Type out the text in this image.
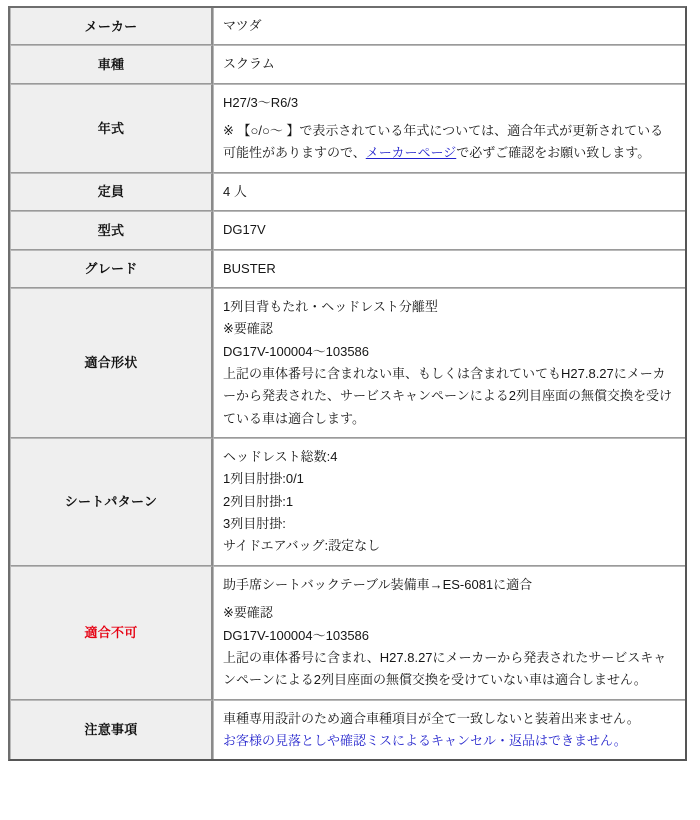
メーカー	マツダ

車種	スクラム

年式	H27/3〜R6/3

※ 【○/○〜 】で表示されている年式については、適合年式が更新されている可能性がありますので、メーカーページで必ずご確認をお願い致します。

定員	4 人

型式	DG17V

グレード	BUSTER

適合形状	1列目背もたれ・ヘッドレスト分離型

※要確認

DG17V-100004〜103586

上記の車体番号に含まれない車、もしくは含まれていてもH27.8.27にメーカーから発表された、サービスキャンペーンによる2列目座面の無償交換を受けている車は適合します。

シートパターン	ヘッドレスト総数:4

1列目肘掛:0/1

2列目肘掛:1

3列目肘掛:

サイドエアバッグ:設定なし

適合不可	助手席シートバックテーブル装備車→ES-6081に適合

※要確認

DG17V-100004〜103586

上記の車体番号に含まれ、H27.8.27にメーカーから発表されたサービスキャンペーンによる2列目座面の無償交換を受けていない車は適合しません。

注意事項	車種専用設計のため適合車種項目が全て一致しないと装着出来ません。

お客様の見落としや確認ミスによるキャンセル・返品はできません。
